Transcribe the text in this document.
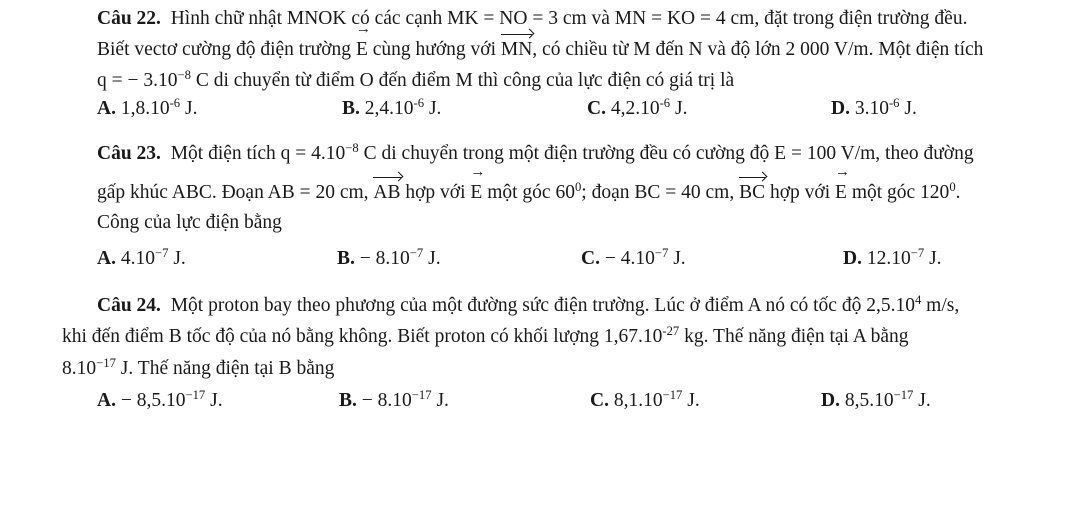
Câu 22. Hình chữ nhật MNOK có các cạnh MK = NO = 3 cm và MN = KO = 4 cm, đặt trong điện trường đều.
Biết vectơ cường độ điện trường E → cùng hướng với MN, có chiều từ M đến N và độ lớn 2 000 V/m. Một điện tích
q = − $3.10^{-8}$ C di chuyển từ điểm O đến điểm M thì công của lực điện có giá trị là
A. $1,8.10^{-6}$ J.	B. $2,4.10^{-6}$ J.	C. $4,2.10^{-6}$ J.	D. $3.10^{-6}$ J.
Câu 23. Một điện tích $q = 4.10^{-8}$ C di chuyển trong một điện trường đều có cường độ E = 100 V/m, theo đường
gấp khúc ABC. Đoạn AB = 20 cm, AB hợp với E → một góc $60^0$; đoạn BC = 40 cm, BC hợp với E → một góc $120^0$.
Công của lực điện bằng
A. $4.10^{-7}$ J.	B. − $8.10^{-7}$ J.	C. − $4.10^{-7}$ J.	D. $12.10^{-7}$ J.
Câu 24. Một proton bay theo phương của một đường sức điện trường. Lúc ở điểm A nó có tốc độ 2,5.10$^4$ m/s,
khi đến điểm B tốc độ của nó bằng không. Biết proton có khối lượng $1,67.10^{-27}$ kg. Thế năng điện tại A bằng
$8.10^{-17}$ J. Thế năng điện tại B bằng
A. − $8,5.10^{-17}$ J.	B. − $8.10^{-17}$ J.	C. $8,1.10^{-17}$ J.	D. $8,5.10^{-17}$ J.
